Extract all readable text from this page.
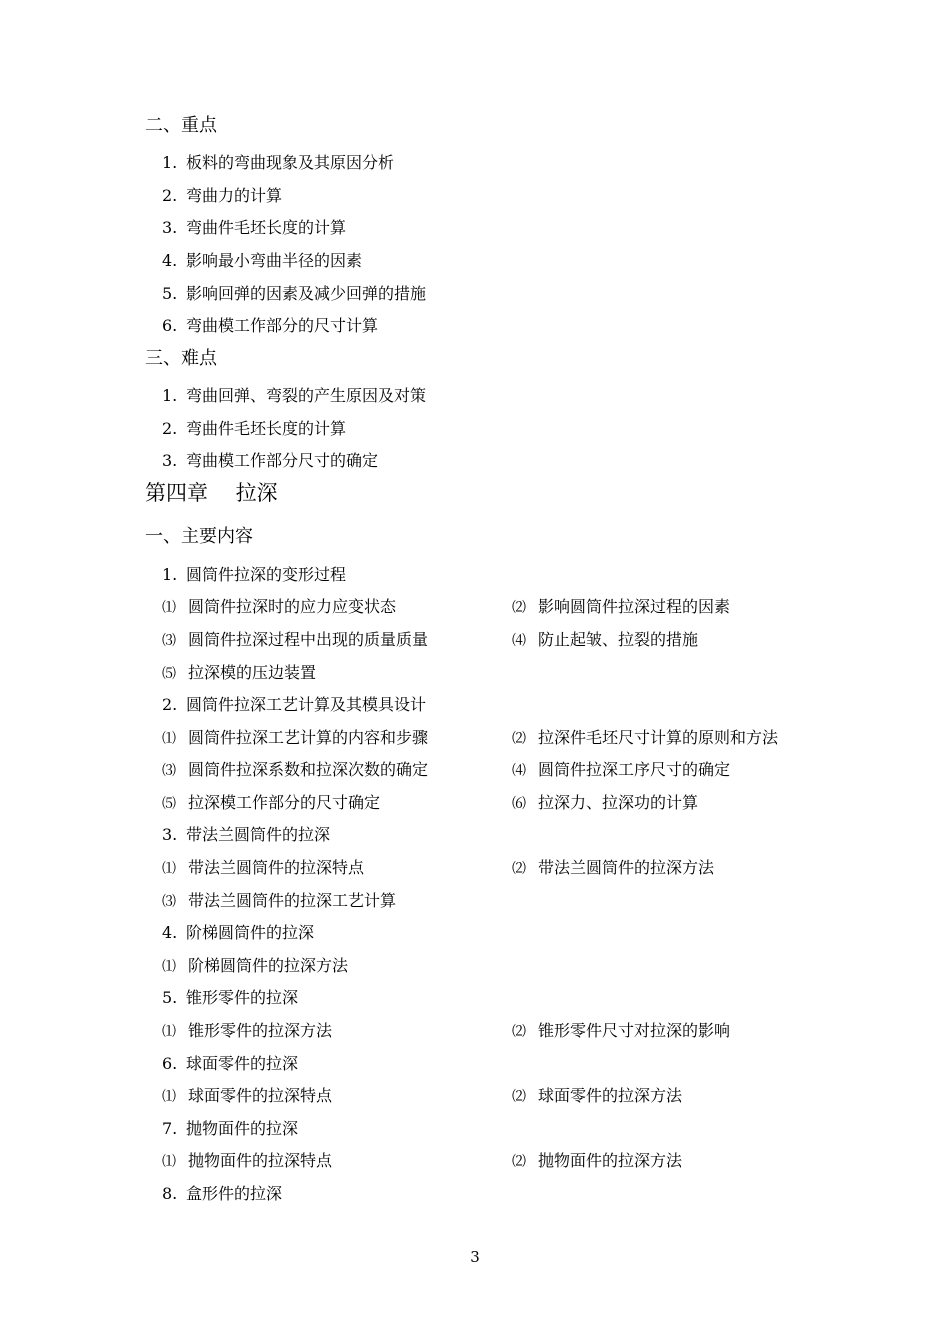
二、重点
1. 板料的弯曲现象及其原因分析
2. 弯曲力的计算
3. 弯曲件毛坯长度的计算
4. 影响最小弯曲半径的因素
5. 影响回弹的因素及减少回弹的措施
6. 弯曲模工作部分的尺寸计算
三、难点
1. 弯曲回弹、弯裂的产生原因及对策
2. 弯曲件毛坯长度的计算
3. 弯曲模工作部分尺寸的确定
第四章　 拉深
一、主要内容
1. 圆筒件拉深的变形过程
⑴ 圆筒件拉深时的应力应变状态	⑵ 影响圆筒件拉深过程的因素
⑶ 圆筒件拉深过程中出现的质量质量	⑷ 防止起皱、拉裂的措施
⑸ 拉深模的压边装置
2. 圆筒件拉深工艺计算及其模具设计
⑴ 圆筒件拉深工艺计算的内容和步骤	⑵ 拉深件毛坯尺寸计算的原则和方法
⑶ 圆筒件拉深系数和拉深次数的确定	⑷ 圆筒件拉深工序尺寸的确定
⑸ 拉深模工作部分的尺寸确定	⑹ 拉深力、拉深功的计算
3. 带法兰圆筒件的拉深
⑴ 带法兰圆筒件的拉深特点	⑵ 带法兰圆筒件的拉深方法
⑶ 带法兰圆筒件的拉深工艺计算
4. 阶梯圆筒件的拉深
⑴ 阶梯圆筒件的拉深方法
5. 锥形零件的拉深
⑴ 锥形零件的拉深方法	⑵ 锥形零件尺寸对拉深的影响
6. 球面零件的拉深
⑴ 球面零件的拉深特点	⑵ 球面零件的拉深方法
7. 抛物面件的拉深
⑴ 抛物面件的拉深特点	⑵ 抛物面件的拉深方法
8. 盒形件的拉深
3
